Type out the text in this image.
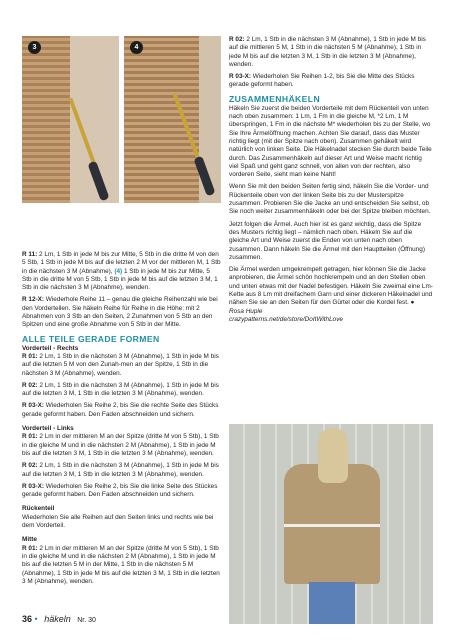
3	4

R 11: 2 Lm, 1 Stb in jede M bis zur Mitte, 5 Stb in die dritte M von den 5 Stb, 1 Stb in jede M bis auf die letzten 2 M vor der mittleren M, 1 Stb in die nächsten 3 M (Abnahme), (4) 1 Stb in jede M bis zur Mitte, 5 Stb in die dritte M von 5 Stb, 1 Stb in jede M bis auf die letzten 3 M, 1 Stb in die nächsten 3 M (Abnahme), wenden.

R 12-X: Wiederhole Reihe 11 – genau die gleiche Reihenzahl wie bei den Vorderteilen. Sie häkeln Reihe für Reihe in die Höhe: mit 2 Abnahmen von 3 Stb an den Seiten, 2 Zunahmen von 5 Stb an den Spitzen und eine große Abnahme von 5 Stb in der Mitte.

ALLE TEILE GERADE FORMEN
Vorderteil - Rechts

R 01: 2 Lm, 1 Stb in die nächsten 3 M (Abnahme), 1 Stb in jede M bis auf die letzten 5 M von den Zunah-men an der Spitze, 1 Stb in die nächsten 3 M (Abnahme), wenden.

R 02: 2 Lm, 1 Stb in die nächsten 3 M (Abnahme), 1 Stb in jede M bis auf die letzten 3 M, 1 Stb in die letzten 3 M (Abnahme), wenden.

R 03-X: Wiederholen Sie Reihe 2, bis Sie die rechte Seite des Stücks gerade geformt haben. Den Faden abschneiden und sichern.

Vorderteil - Links

R 01: 2 Lm in der mittleren M an der Spitze (dritte M von 5 Stb), 1 Stb in die gleiche M und in die nächsten 2 M (Abnahme), 1 Stb in jede M bis auf die letzten 3 M, 1 Stb in die letzten 3 M (Abnahme), wenden.

R 02: 2 Lm, 1 Stb in die nächsten 3 M (Abnahme), 1 Stb in jede M bis auf die letzten 3 M, 1 Stb in die letzten 3 M (Abnahme), wenden.

R 03-X: Wiederholen Sie Reihe 2, bis Sie die linke Seite des Stückes gerade geformt haben. Den Faden abschneiden und sichern.

Rückenteil

Wiederholen Sie alle Reihen auf den Seiten links und rechts wie bei dem Vorderteil.

Mitte

R 01: 2 Lm in der mittleren M an der Spitze (dritte M von 5 Stb), 1 Stb in die gleiche M und in die nächsten 2 M (Abnahme), 1 Stb in jede M bis auf die letzten 5 M in der Mitte, 1 Stb in die nächsten 5 M (Abnahme), 1 Stb in jede M bis auf die letzten 3 M, 1 Stb in die letzten 3 M (Abnahme), wenden.

R 02: 2 Lm, 1 Stb in die nächsten 3 M (Abnahme), 1 Stb in jede M bis auf die mittleren 5 M, 1 Stb in die nächsten 5 M (Abnahme), 1 Stb in jede M bis auf die letzten 3 M, 1 Stb in die letzten 3 M (Abnahme), wenden.

R 03-X: Wiederholen Sie Reihen 1-2, bis Sie die Mitte des Stücks gerade geformt haben.

ZUSAMMENHÄKELN

Häkeln Sie zuerst die beiden Vorderteile mit dem Rückenteil von unten nach oben zusammen: 1 Lm, 1 Fm in die gleiche M, *2 Lm, 1 M überspringen, 1 Fm in die nächste M* wiederholen bis zu der Stelle, wo Sie Ihre Ärmelöffnung machen. Achten Sie darauf, dass das Muster richtig liegt (mit der Spitze nach oben). Zusammen gehäkelt wird natürlich von linken Seite. Die Häkelnadel stecken Sie durch beide Teile durch. Das Zusammenhäkeln auf dieser Art und Weise macht richtig viel Spaß und geht ganz schnell, von allen von der rechten, also vorderen Seite, sieht man keine Naht!

Wenn Sie mit den beiden Seiten fertig sind, häkeln Sie die Vorder- und Rückenteile oben von der linken Seite bis zu der Musterspitze zusammen. Probieren Sie die Jacke an und entscheiden Sie selbst, ob Sie noch weiter zusammenhäkeln oder bei der Spitze bleiben möchten.

Jetzt folgen die Ärmel. Auch hier ist es ganz wichtig, dass die Spitze des Musters richtig liegt – nämlich nach oben. Häkeln Sie auf die gleiche Art und Weise zuerst die Enden von unten nach oben zusammen. Dann häkeln Sie die Ärmel mit den Hauptteilen (Öffnung) zusammen.

Die Ärmel werden umgekrempelt getragen, hier können Sie die Jacke anprobieren, die Ärmel schön hochkrempeln und an den Stellen oben und unten etwas mit der Nadel befestigen. Häkeln Sie zweimal eine Lm-Kette aus 8 Lm mit dreifachem Garn und einer dickeren Häkelnadel und nähen Sie sie an den Seiten für den Gürtel oder die Kordel fest. ●

Rosa Huple
crazypatterns.net/de/store/DoItWithLove
36 • häkeln Nr. 30
